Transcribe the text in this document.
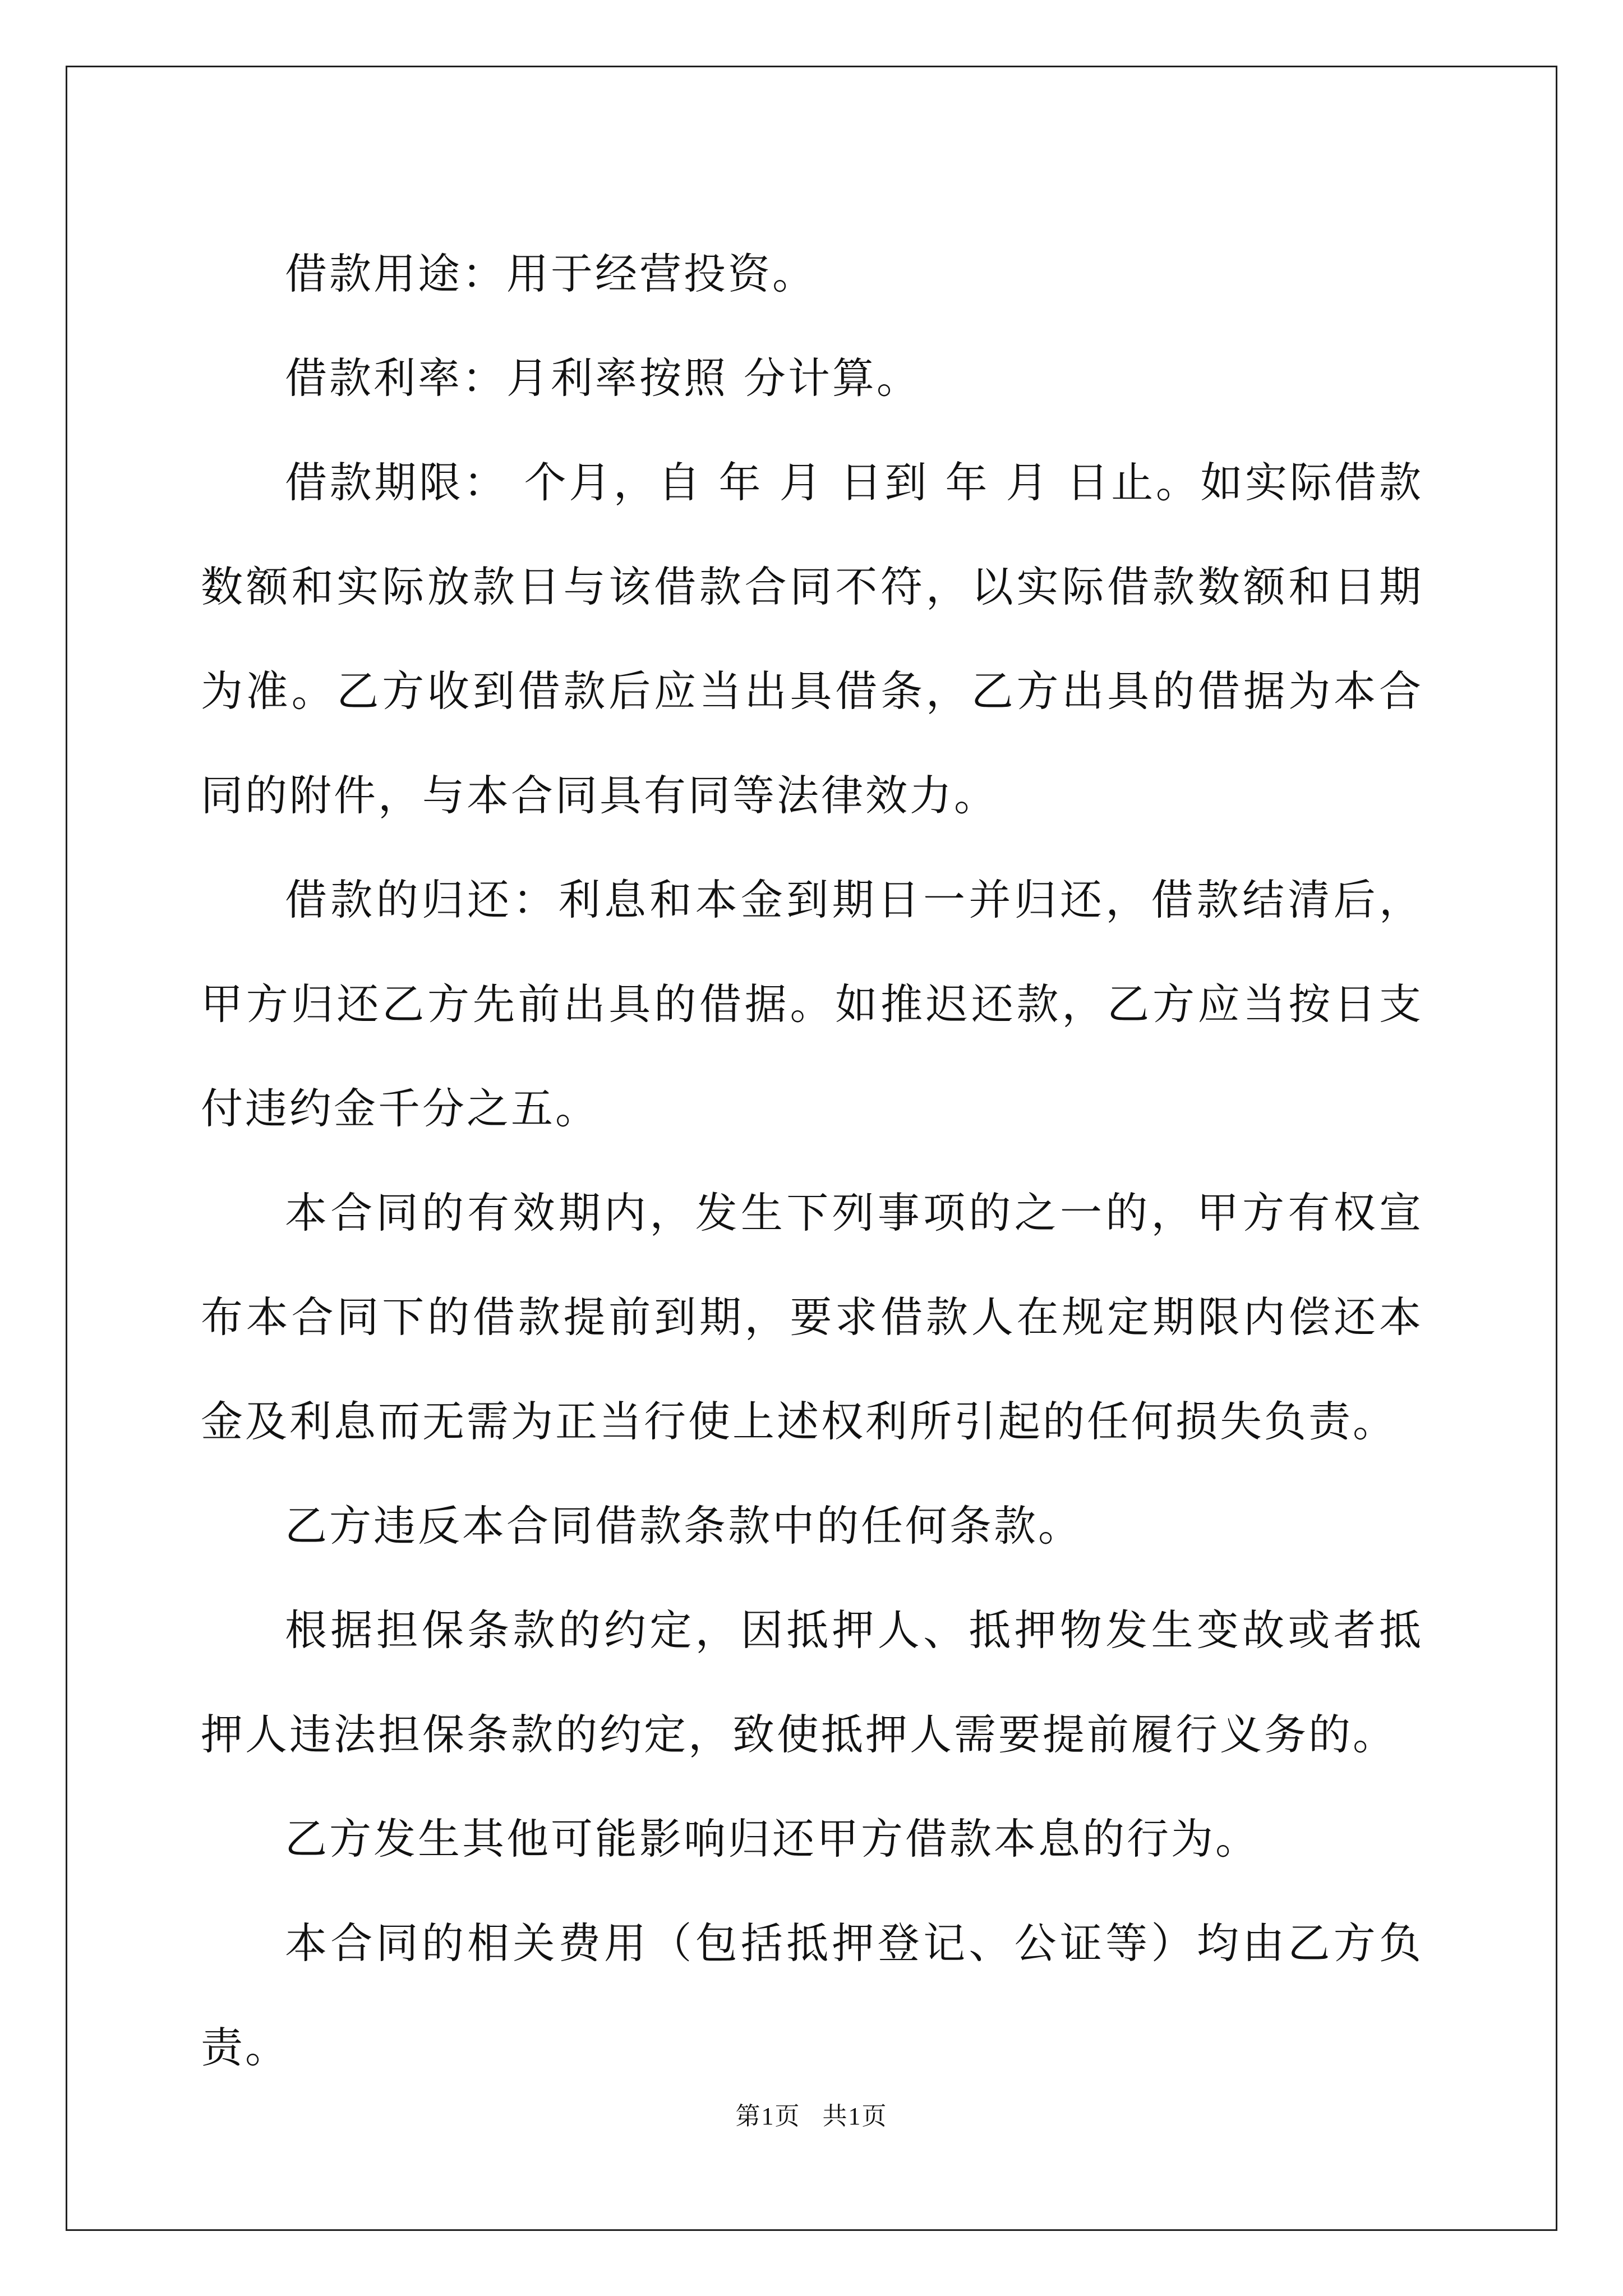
借款用途：用于经营投资。

借款利率：月利率按照 分计算。

借款期限： 个月，自 年 月 日到 年 月 日止。如实际借款数额和实际放款日与该借款合同不符，以实际借款数额和日期为准。乙方收到借款后应当出具借条，乙方出具的借据为本合同的附件，与本合同具有同等法律效力。

借款的归还：利息和本金到期日一并归还，借款结清后，甲方归还乙方先前出具的借据。如推迟还款，乙方应当按日支付违约金千分之五。

本合同的有效期内，发生下列事项的之一的，甲方有权宣布本合同下的借款提前到期，要求借款人在规定期限内偿还本金及利息而无需为正当行使上述权利所引起的任何损失负责。

乙方违反本合同借款条款中的任何条款。

根据担保条款的约定，因抵押人、抵押物发生变故或者抵押人违法担保条款的约定，致使抵押人需要提前履行义务的。

乙方发生其他可能影响归还甲方借款本息的行为。

本合同的相关费用（包括抵押登记、公证等）均由乙方负责。

第1页   共1页
